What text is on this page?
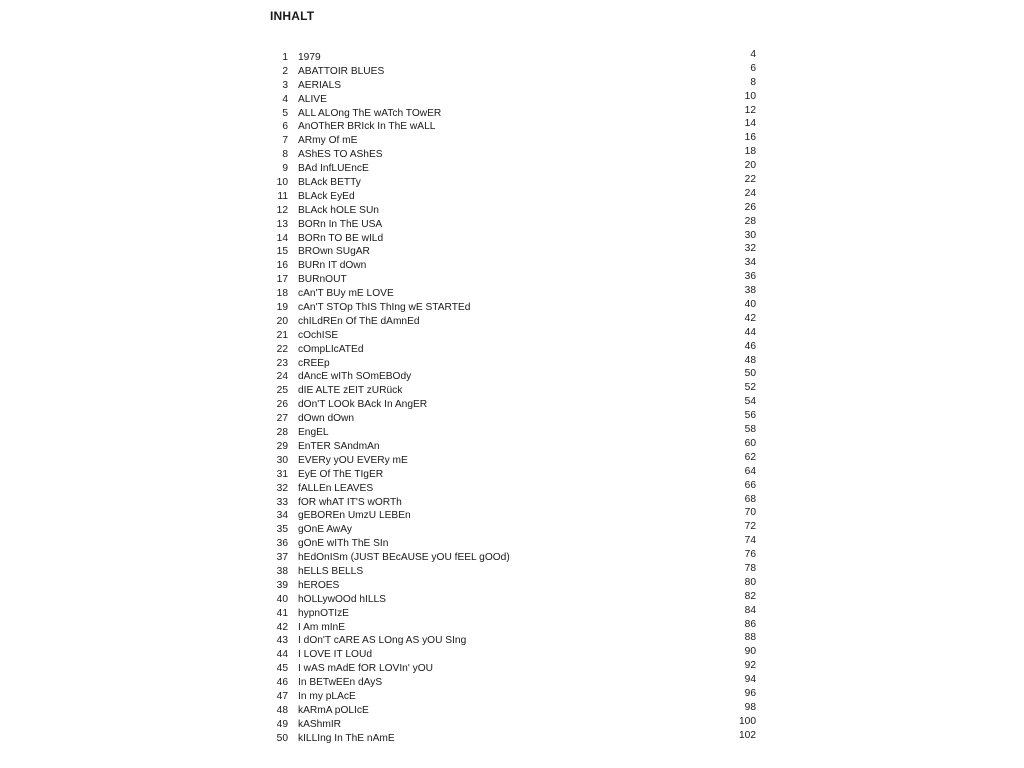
INHALT
1 1979
2 ABATTOIR BLUES
3 AERIALS
4 ALIVE
5 ALL ALOng ThE wATch TOwER
6 AnOThER BRIck In ThE wALL
7 ARmy Of mE
8 AShES TO AShES
9 BAd InfLUEncE
10 BLAck BETTy
11 BLAck EyEd
12 BLAck hOLE SUn
13 BORn In ThE USA
14 BORn TO BE wILd
15 BROwn SUgAR
16 BURn IT dOwn
17 BURnOUT
18 cAn'T BUy mE LOVE
19 cAn'T STOp ThIS ThIng wE STARTEd
20 chILdREn Of ThE dAmnEd
21 cOchISE
22 cOmpLIcATEd
23 cREEp
24 dAncE wITh SOmEBOdy
25 dIE ALTE zEIT zURück
26 dOn'T LOOk BAck In AngER
27 dOwn dOwn
28 EngEL
29 EnTER SAndmAn
30 EVERy yOU EVERy mE
31 EyE Of ThE TIgER
32 fALLEn LEAVES
33 fOR whAT IT'S wORTh
34 gEBOREn UmzU LEBEn
35 gOnE AwAy
36 gOnE wITh ThE SIn
37 hEdOnISm (JUST BEcAUSE yOU fEEL gOOd)
38 hELLS BELLS
39 hEROES
40 hOLLywOOd hILLS
41 hypnOTIzE
42 I Am mInE
43 I dOn'T cARE AS LOng AS yOU SIng
44 I LOVE IT LOUd
45 I wAS mAdE fOR LOVIn' yOU
46 In BETwEEn dAyS
47 In my pLAcE
48 kARmA pOLIcE
49 kAShmIR
50 kILLIng In ThE nAmE
4
6
8
10
12
14
16
18
20
22
24
26
28
30
32
34
36
38
40
42
44
46
48
50
52
54
56
58
60
62
64
66
68
70
72
74
76
78
80
82
84
86
88
90
92
94
96
98
100
102
